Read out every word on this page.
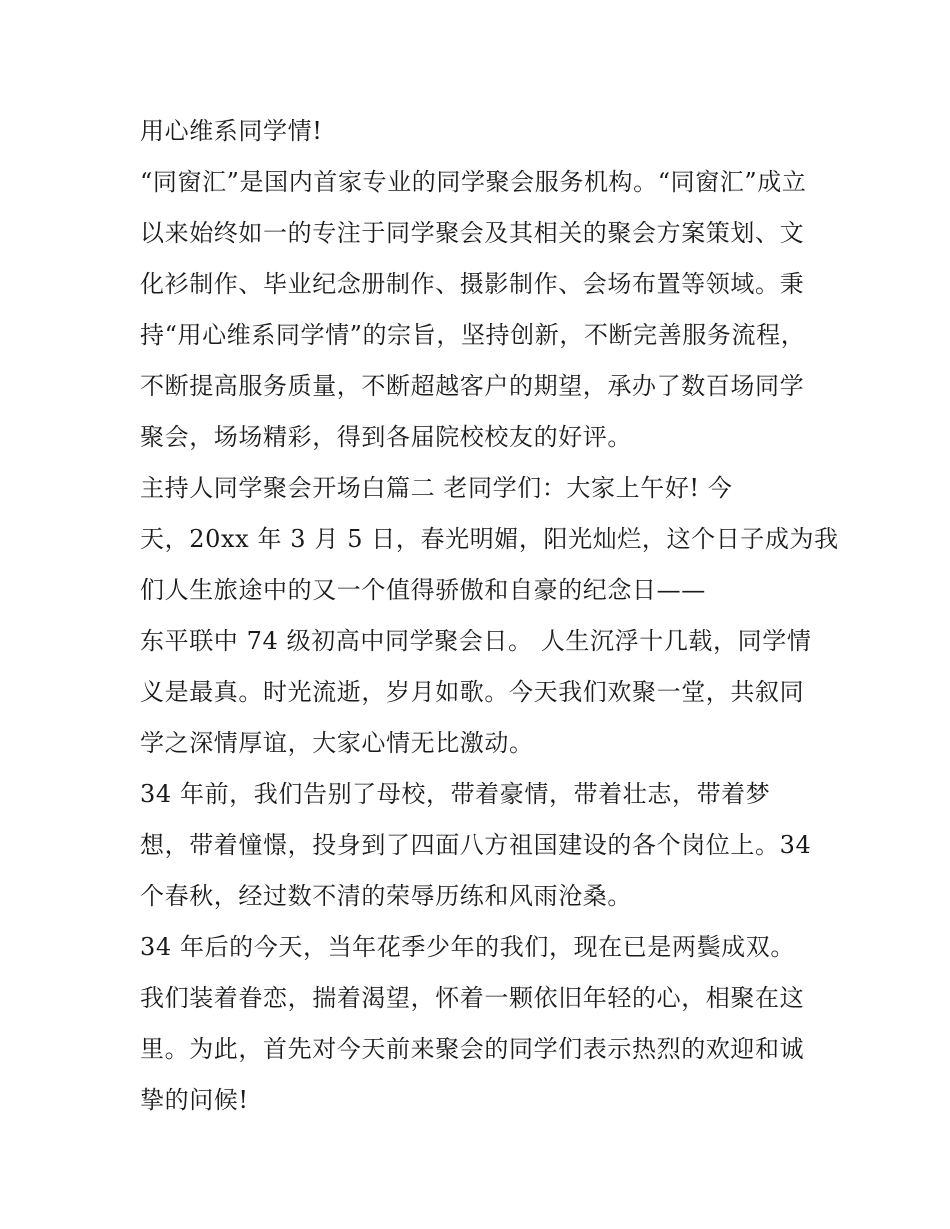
用心维系同学情!
“同窗汇”是国内首家专业的同学聚会服务机构。“同窗汇”成立
以来始终如一的专注于同学聚会及其相关的聚会方案策划、文
化衫制作、毕业纪念册制作、摄影制作、会场布置等领域。秉
持“用心维系同学情”的宗旨，坚持创新，不断完善服务流程，
不断提高服务质量，不断超越客户的期望，承办了数百场同学
聚会，场场精彩，得到各届院校校友的好评。
主持人同学聚会开场白篇二 老同学们：大家上午好! 今
天，20xx 年 3 月 5 日，春光明媚，阳光灿烂，这个日子成为我
们人生旅途中的又一个值得骄傲和自豪的纪念日——
东平联中 74 级初高中同学聚会日。 人生沉浮十几载，同学情
义是最真。时光流逝，岁月如歌。今天我们欢聚一堂，共叙同
学之深情厚谊，大家心情无比激动。
34 年前，我们告别了母校，带着豪情，带着壮志，带着梦
想，带着憧憬，投身到了四面八方祖国建设的各个岗位上。34
个春秋，经过数不清的荣辱历练和风雨沧桑。
34 年后的今天，当年花季少年的我们，现在已是两鬓成双。
我们装着眷恋，揣着渴望，怀着一颗依旧年轻的心，相聚在这
里。为此，首先对今天前来聚会的同学们表示热烈的欢迎和诚
挚的问候!
